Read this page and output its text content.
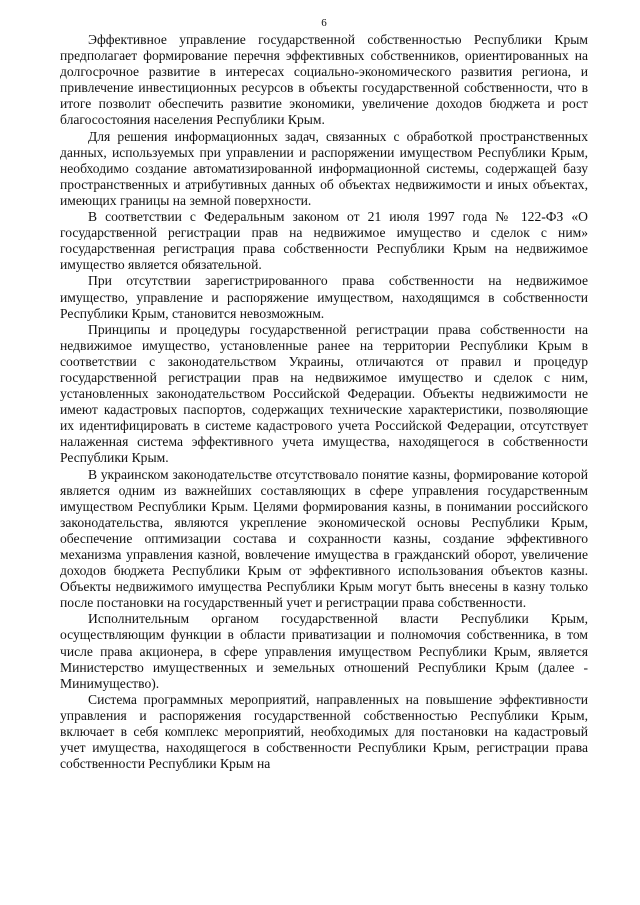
6

Эффективное управление государственной собственностью Республики Крым предполагает формирование перечня эффективных собственников, ориентированных на долгосрочное развитие в интересах социально-экономического развития региона, и привлечение инвестиционных ресурсов в объекты государственной собственности, что в итоге позволит обеспечить развитие экономики, увеличение доходов бюджета и рост благосостояния населения Республики Крым.

Для решения информационных задач, связанных с обработкой пространственных данных, используемых при управлении и распоряжении имуществом Республики Крым, необходимо создание автоматизированной информационной системы, содержащей базу пространственных и атрибутивных данных об объектах недвижимости и иных объектах, имеющих границы на земной поверхности.

В соответствии с Федеральным законом от 21 июля 1997 года № 122-ФЗ «О государственной регистрации прав на недвижимое имущество и сделок с ним» государственная регистрация права собственности Республики Крым на недвижимое имущество является обязательной.

При отсутствии зарегистрированного права собственности на недвижимое имущество, управление и распоряжение имуществом, находящимся в собственности Республики Крым, становится невозможным.

Принципы и процедуры государственной регистрации права собственности на недвижимое имущество, установленные ранее на территории Республики Крым в соответствии с законодательством Украины, отличаются от правил и процедур государственной регистрации прав на недвижимое имущество и сделок с ним, установленных законодательством Российской Федерации. Объекты недвижимости не имеют кадастровых паспортов, содержащих технические характеристики, позволяющие их идентифицировать в системе кадастрового учета Российской Федерации, отсутствует налаженная система эффективного учета имущества, находящегося в собственности Республики Крым.

В украинском законодательстве отсутствовало понятие казны, формирование которой является одним из важнейших составляющих в сфере управления государственным имуществом Республики Крым. Целями формирования казны, в понимании российского законодательства, являются укрепление экономической основы Республики Крым, обеспечение оптимизации состава и сохранности казны, создание эффективного механизма управления казной, вовлечение имущества в гражданский оборот, увеличение доходов бюджета Республики Крым от эффективного использования объектов казны. Объекты недвижимого имущества Республики Крым могут быть внесены в казну только после постановки на государственный учет и регистрации права собственности.

Исполнительным органом государственной власти Республики Крым, осуществляющим функции в области приватизации и полномочия собственника, в том числе права акционера, в сфере управления имуществом Республики Крым, является Министерство имущественных и земельных отношений Республики Крым (далее - Минимущество).

Система программных мероприятий, направленных на повышение эффективности управления и распоряжения государственной собственностью Республики Крым, включает в себя комплекс мероприятий, необходимых для постановки на кадастровый учет имущества, находящегося в собственности Республики Крым, регистрации права собственности Республики Крым на
